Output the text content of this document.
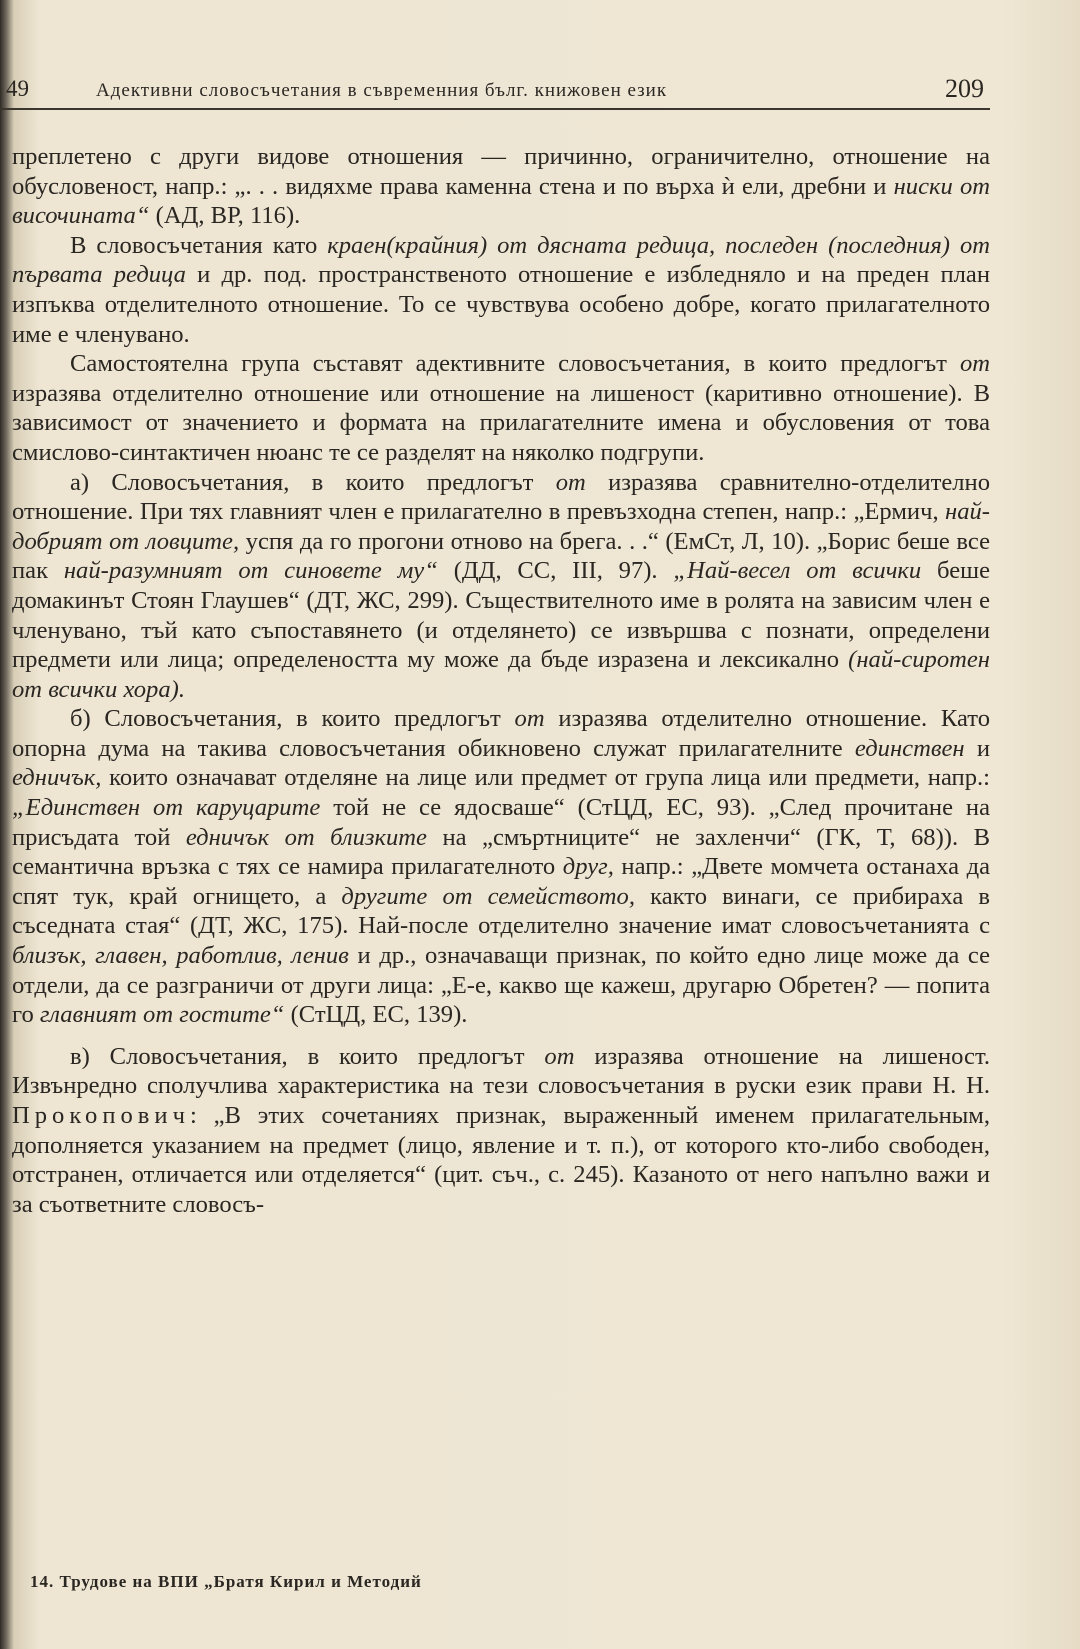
49	Адективни словосъчетания в съвременния бълг. книжовен език	209

преплетено с други видове отношения — причинно, ограничително, отношение на обусловеност, напр.: „. . . видяхме права каменна стена и по върха ѝ ели, дребни и ниски от височината“ (АД, ВР, 116).

В словосъчетания като краен(крайния) от дясната редица, последен (последния) от първата редица и др. под. пространственото отношение е избледняло и на преден план изпъква отделителното отношение. То се чувствува особено добре, когато прилагателното име е членувано.

Самостоятелна група съставят адективните словосъчетания, в които предлогът от изразява отделително отношение или отношение на лишеност (каритивно отношение). В зависимост от значението и формата на прилагателните имена и обусловения от това смислово-синтактичен нюанс те се разделят на няколко подгрупи.

а) Словосъчетания, в които предлогът от изразява сравнително-отделително отношение. При тях главният член е прилагателно в превъзходна степен, напр.: „Ермич, най-добрият от ловците, успя да го прогони отново на брега. . .“ (ЕмСт, Л, 10). „Борис беше все пак най-разумният от синовете му“ (ДД, СС, III, 97). „Най-весел от всички беше домакинът Стоян Глаушев“ (ДТ, ЖС, 299). Съществителното име в ролята на зависим член е членувано, тъй като съпоставянето (и отделянето) се извършва с познати, определени предмети или лица; определеността му може да бъде изразена и лексикално (най-сиротен от всички хора).

б) Словосъчетания, в които предлогът от изразява отделително отношение. Като опорна дума на такива словосъчетания обикновено служат прилагателните единствен и едничък, които означават отделяне на лице или предмет от група лица или предмети, напр.: „Единствен от каруцарите той не се ядосваше“ (СтЦД, ЕС, 93). „След прочитане на присъдата той едничък от близките на „смъртниците“ не захленчи“ (ГК, Т, 68)). В семантична връзка с тях се намира прилагателното друг, напр.: „Двете момчета останаха да спят тук, край огнището, а другите от семейството, както винаги, се прибираха в съседната стая“ (ДТ, ЖС, 175). Най-после отделително значение имат словосъчетанията с близък, главен, работлив, ленив и др., означаващи признак, по който едно лице може да се отдели, да се разграничи от други лица: „Е-е, какво ще кажеш, другарю Обретен? — попита го главният от гостите“ (СтЦД, ЕС, 139).

в) Словосъчетания, в които предлогът от изразява отношение на лишеност. Извънредно сполучлива характеристика на тези словосъчетания в руски език прави Н. Н. Прокопович: „В этих сочетаниях признак, выраженный именем прилагательным, дополняется указанием на предмет (лицо, явление и т. п.), от которого кто-либо свободен, отстранен, отличается или отделяется“ (цит. съч., с. 245). Казаното от него напълно важи и за съответните словосъ-

14. Трудове на ВПИ „Братя Кирил и Методий
